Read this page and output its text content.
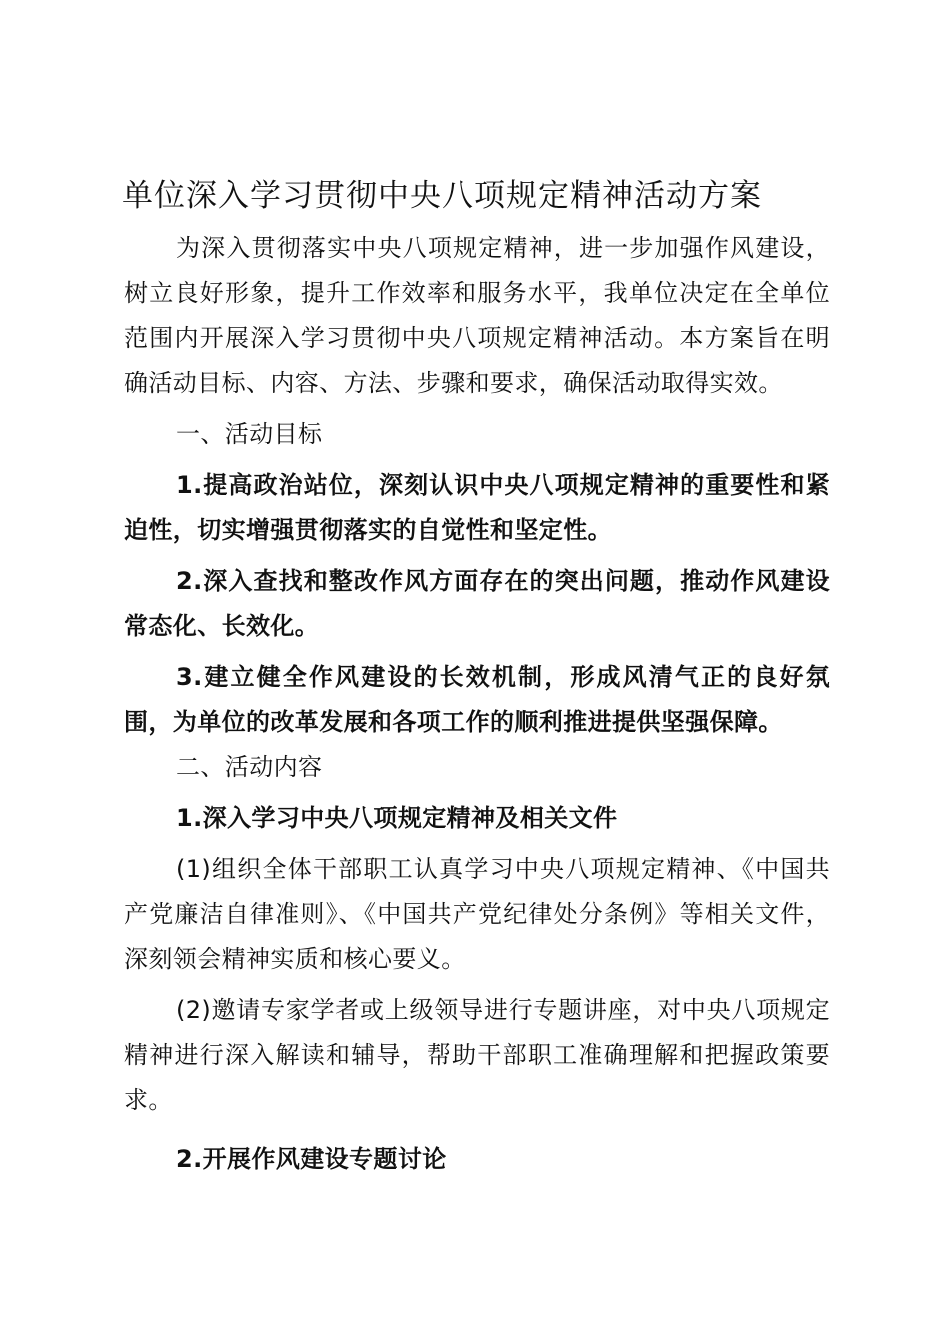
单位深入学习贯彻中央八项规定精神活动方案

为深入贯彻落实中央八项规定精神，进一步加强作风建设，树立良好形象，提升工作效率和服务水平，我单位决定在全单位范围内开展深入学习贯彻中央八项规定精神活动。本方案旨在明确活动目标、内容、方法、步骤和要求，确保活动取得实效。

一、活动目标

1.提高政治站位，深刻认识中央八项规定精神的重要性和紧迫性，切实增强贯彻落实的自觉性和坚定性。

2.深入查找和整改作风方面存在的突出问题，推动作风建设常态化、长效化。

3.建立健全作风建设的长效机制，形成风清气正的良好氛围，为单位的改革发展和各项工作的顺利推进提供坚强保障。

二、活动内容

1.深入学习中央八项规定精神及相关文件

(1)组织全体干部职工认真学习中央八项规定精神、《中国共产党廉洁自律准则》、《中国共产党纪律处分条例》等相关文件，深刻领会精神实质和核心要义。

(2)邀请专家学者或上级领导进行专题讲座，对中央八项规定精神进行深入解读和辅导，帮助干部职工准确理解和把握政策要求。

2.开展作风建设专题讨论
